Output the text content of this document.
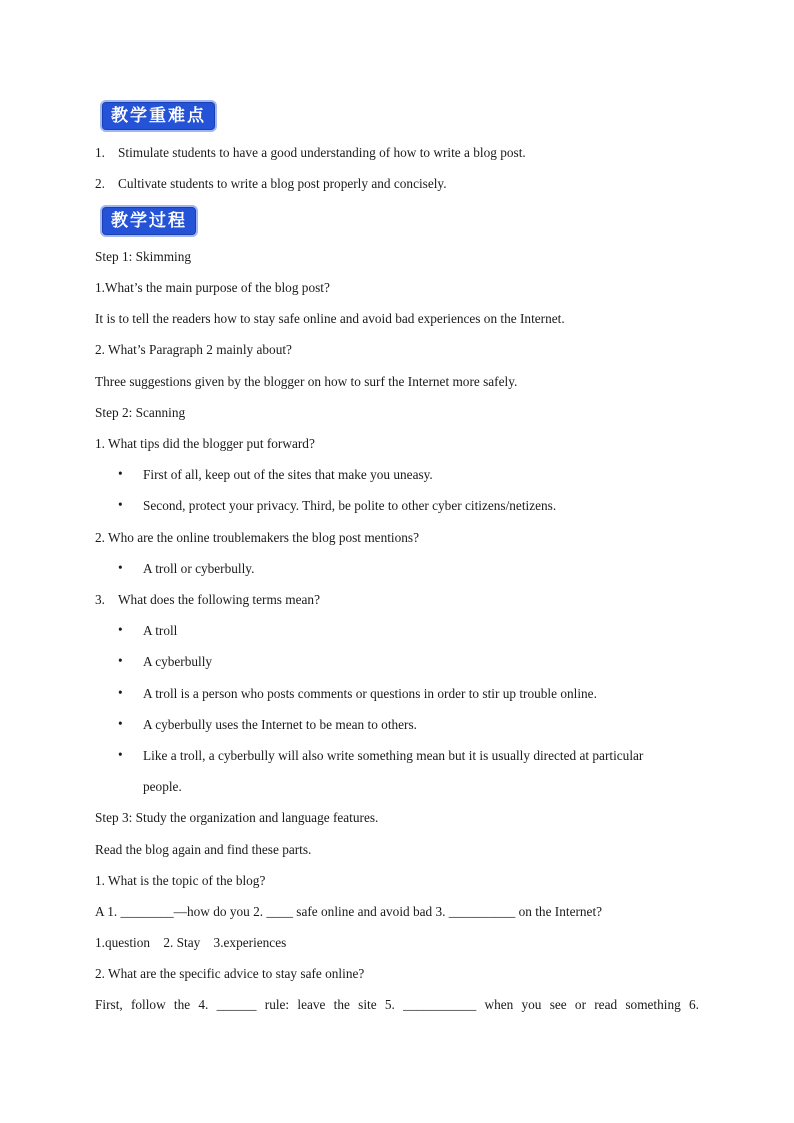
教学重难点
1. Stimulate students to have a good understanding of how to write a blog post.
2. Cultivate students to write a blog post properly and concisely.
教学过程
Step 1: Skimming
1.What’s the main purpose of the blog post?
It is to tell the readers how to stay safe online and avoid bad experiences on the Internet.
2. What’s Paragraph 2 mainly about?
Three suggestions given by the blogger on how to surf the Internet more safely.
Step 2: Scanning
1. What tips did the blogger put forward?
• First of all, keep out of the sites that make you uneasy.
• Second, protect your privacy. Third, be polite to other cyber citizens/netizens.
2. Who are the online troublemakers the blog post mentions?
• A troll or cyberbully.
3. What does the following terms mean?
• A troll
• A cyberbully
• A troll is a person who posts comments or questions in order to stir up trouble online.
• A cyberbully uses the Internet to be mean to others.
• Like a troll, a cyberbully will also write something mean but it is usually directed at particular
people.
Step 3: Study the organization and language features.
Read the blog again and find these parts.
1. What is the topic of the blog?
A 1. ________—how do you 2. ____ safe online and avoid bad 3. __________ on the Internet?
1.question    2. Stay    3.experiences
2. What are the specific advice to stay safe online?
First, follow the 4. ______ rule: leave the site 5. ___________ when you see or read something 6.
